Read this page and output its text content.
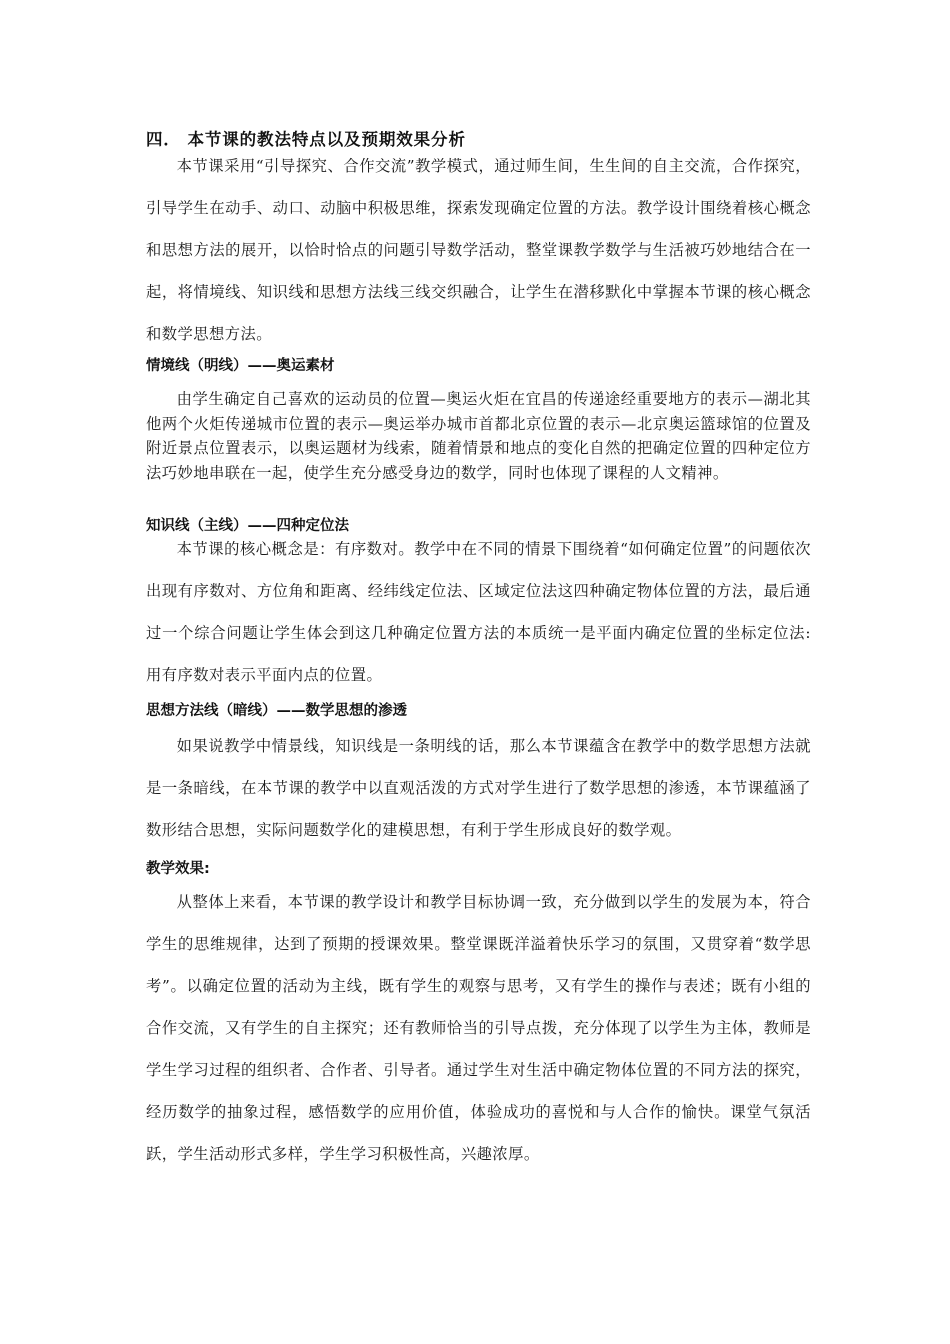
四． 本节课的教法特点以及预期效果分析

本节课采用“引导探究、合作交流”教学模式，通过师生间，生生间的自主交流，合作探究，引导学生在动手、动口、动脑中积极思维，探索发现确定位置的方法。教学设计围绕着核心概念和思想方法的展开，以恰时恰点的问题引导数学活动，整堂课教学数学与生活被巧妙地结合在一起，将情境线、知识线和思想方法线三线交织融合，让学生在潜移默化中掌握本节课的核心概念和数学思想方法。

情境线（明线）——奥运素材

由学生确定自己喜欢的运动员的位置—奥运火炬在宜昌的传递途经重要地方的表示—湖北其他两个火炬传递城市位置的表示—奥运举办城市首都北京位置的表示—北京奥运篮球馆的位置及附近景点位置表示，以奥运题材为线索，随着情景和地点的变化自然的把确定位置的四种定位方法巧妙地串联在一起，使学生充分感受身边的数学，同时也体现了课程的人文精神。

知识线（主线）——四种定位法

本节课的核心概念是：有序数对。教学中在不同的情景下围绕着“如何确定位置”的问题依次出现有序数对、方位角和距离、经纬线定位法、区域定位法这四种确定物体位置的方法，最后通过一个综合问题让学生体会到这几种确定位置方法的本质统一是平面内确定位置的坐标定位法:用有序数对表示平面内点的位置。

思想方法线（暗线）——数学思想的渗透

如果说教学中情景线，知识线是一条明线的话，那么本节课蕴含在教学中的数学思想方法就是一条暗线，在本节课的教学中以直观活泼的方式对学生进行了数学思想的渗透，本节课蕴涵了数形结合思想，实际问题数学化的建模思想，有利于学生形成良好的数学观。

教学效果:

从整体上来看，本节课的教学设计和教学目标协调一致，充分做到以学生的发展为本，符合学生的思维规律，达到了预期的授课效果。整堂课既洋溢着快乐学习的氛围，又贯穿着“数学思考”。以确定位置的活动为主线，既有学生的观察与思考，又有学生的操作与表述；既有小组的合作交流，又有学生的自主探究；还有教师恰当的引导点拨，充分体现了以学生为主体，教师是学生学习过程的组织者、合作者、引导者。通过学生对生活中确定物体位置的不同方法的探究，经历数学的抽象过程，感悟数学的应用价值，体验成功的喜悦和与人合作的愉快。课堂气氛活跃，学生活动形式多样，学生学习积极性高，兴趣浓厚。
